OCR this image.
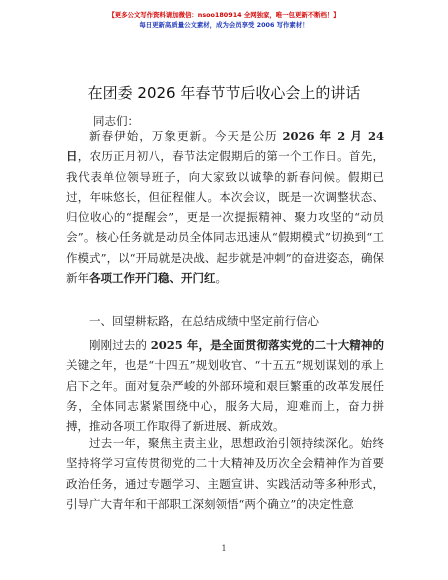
【更多公文写作资料请加微信：nsoo180914 全网独家，唯一包更新不断档！】
每日更新高质量公文素材，成为会员享受 2006 写作素材！
在团委 2026 年春节节后收心会上的讲话
同志们：

新春伊始，万象更新。今天是公历 2026 年 2 月 24 日，农历正月初八，春节法定假期后的第一个工作日。首先，我代表单位领导班子，向大家致以诚挚的新春问候。假期已过，年味悠长，但征程催人。本次会议，既是一次调整状态、归位收心的“提醒会”，更是一次提振精神、聚力攻坚的“动员会”。核心任务就是动员全体同志迅速从“假期模式”切换到“工作模式”，以“开局就是决战、起步就是冲刺”的奋进姿态，确保新年各项工作开门稳、开门红。

一、回望耕耘路，在总结成绩中坚定前行信心

刚刚过去的 2025 年，是全面贯彻落实党的二十大精神的关键之年，也是“十四五”规划收官、“十五五”规划谋划的承上启下之年。面对复杂严峻的外部环境和艰巨繁重的改革发展任务，全体同志紧紧围绕中心，服务大局，迎难而上，奋力拼搏，推动各项工作取得了新进展、新成效。

过去一年，聚焦主责主业，思想政治引领持续深化。始终坚持将学习宣传贯彻党的二十大精神及历次全会精神作为首要政治任务，通过专题学习、主题宣讲、实践活动等多种形式，引导广大青年和干部职工深刻领悟“两个确立”的决定性意

1
